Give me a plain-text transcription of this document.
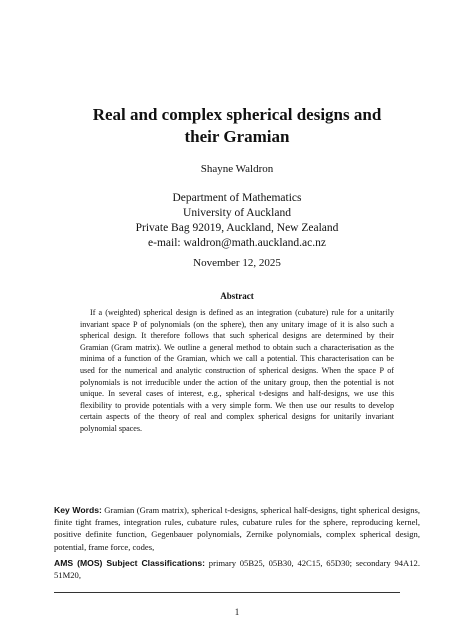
Real and complex spherical designs and
their Gramian
Shayne Waldron
Department of Mathematics
University of Auckland
Private Bag 92019, Auckland, New Zealand
e-mail: waldron@math.auckland.ac.nz
November 12, 2025
Abstract
If a (weighted) spherical design is defined as an integration (cubature) rule for a unitarily invariant space P of polynomials (on the sphere), then any unitary image of it is also such a spherical design. It therefore follows that such spherical designs are determined by their Gramian (Gram matrix). We outline a general method to obtain such a characterisation as the minima of a function of the Gramian, which we call a potential. This characterisation can be used for the numerical and analytic construction of spherical designs. When the space P of polynomials is not irreducible under the action of the unitary group, then the potential is not unique. In several cases of interest, e.g., spherical t-designs and half-designs, we use this flexibility to provide potentials with a very simple form. We then use our results to develop certain aspects of the theory of real and complex spherical designs for unitarily invariant polynomial spaces.
Key Words: Gramian (Gram matrix), spherical t-designs, spherical half-designs, tight spherical designs, finite tight frames, integration rules, cubature rules, cubature rules for the sphere, reproducing kernel, positive definite function, Gegenbauer polynomials, Zernike polynomials, complex spherical design, potential, frame force, codes,
AMS (MOS) Subject Classifications: primary 05B25, 05B30, 42C15, 65D30; secondary 94A12. 51M20,
1
